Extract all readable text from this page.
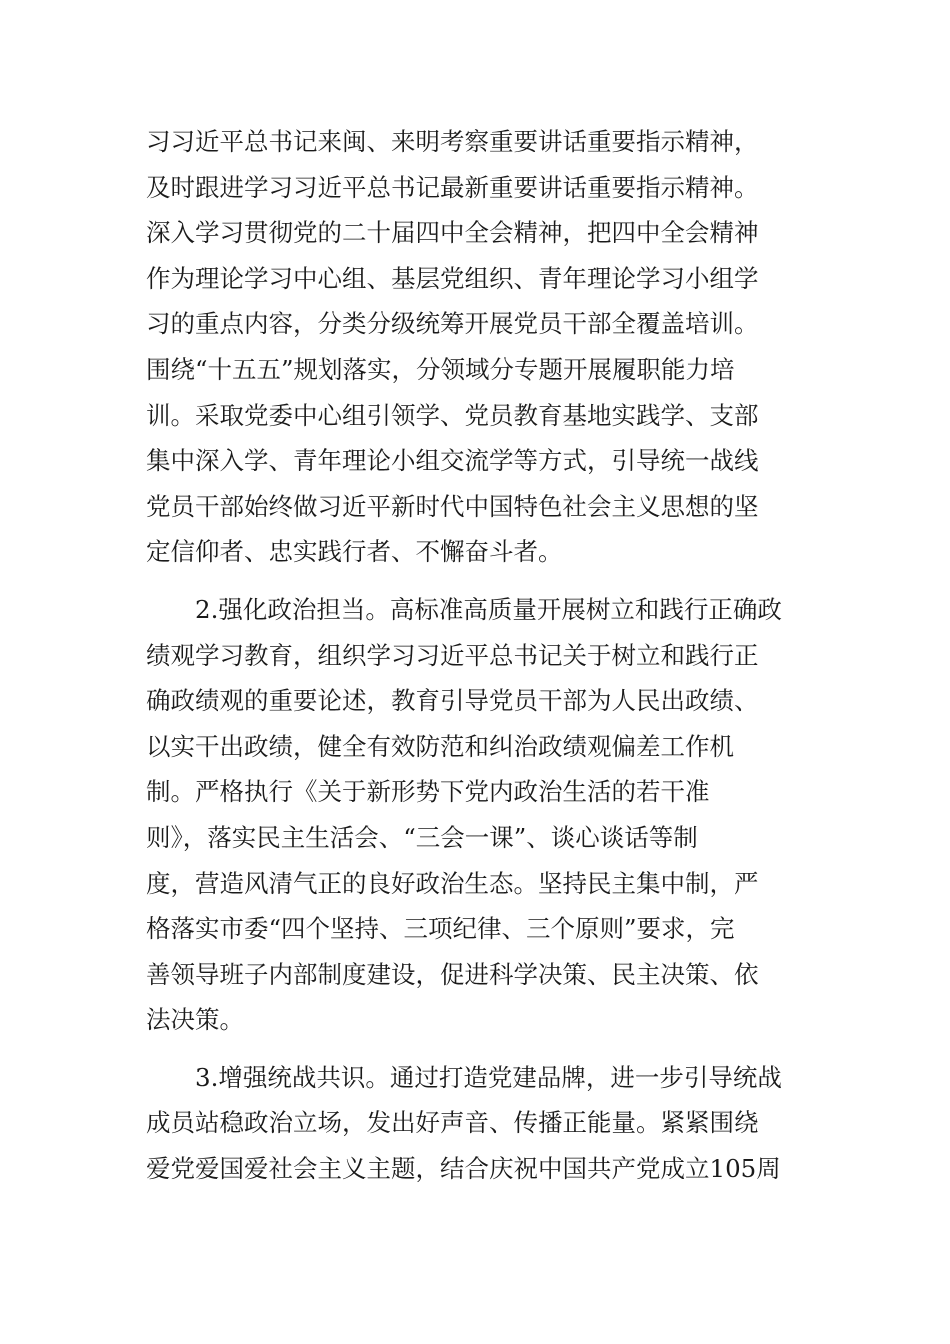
习习近平总书记来闽、来明考察重要讲话重要指示精神，
及时跟进学习习近平总书记最新重要讲话重要指示精神。
深入学习贯彻党的二十届四中全会精神，把四中全会精神
作为理论学习中心组、基层党组织、青年理论学习小组学
习的重点内容，分类分级统筹开展党员干部全覆盖培训。
围绕“十五五”规划落实，分领域分专题开展履职能力培
训。采取党委中心组引领学、党员教育基地实践学、支部
集中深入学、青年理论小组交流学等方式，引导统一战线
党员干部始终做习近平新时代中国特色社会主义思想的坚
定信仰者、忠实践行者、不懈奋斗者。
2.强化政治担当。高标准高质量开展树立和践行正确政
绩观学习教育，组织学习习近平总书记关于树立和践行正
确政绩观的重要论述，教育引导党员干部为人民出政绩、
以实干出政绩，健全有效防范和纠治政绩观偏差工作机
制。严格执行《关于新形势下党内政治生活的若干准
则》，落实民主生活会、“三会一课”、谈心谈话等制
度，营造风清气正的良好政治生态。坚持民主集中制，严
格落实市委“四个坚持、三项纪律、三个原则”要求，完
善领导班子内部制度建设，促进科学决策、民主决策、依
法决策。
3.增强统战共识。通过打造党建品牌，进一步引导统战
成员站稳政治立场，发出好声音、传播正能量。紧紧围绕
爱党爱国爱社会主义主题，结合庆祝中国共产党成立105周
